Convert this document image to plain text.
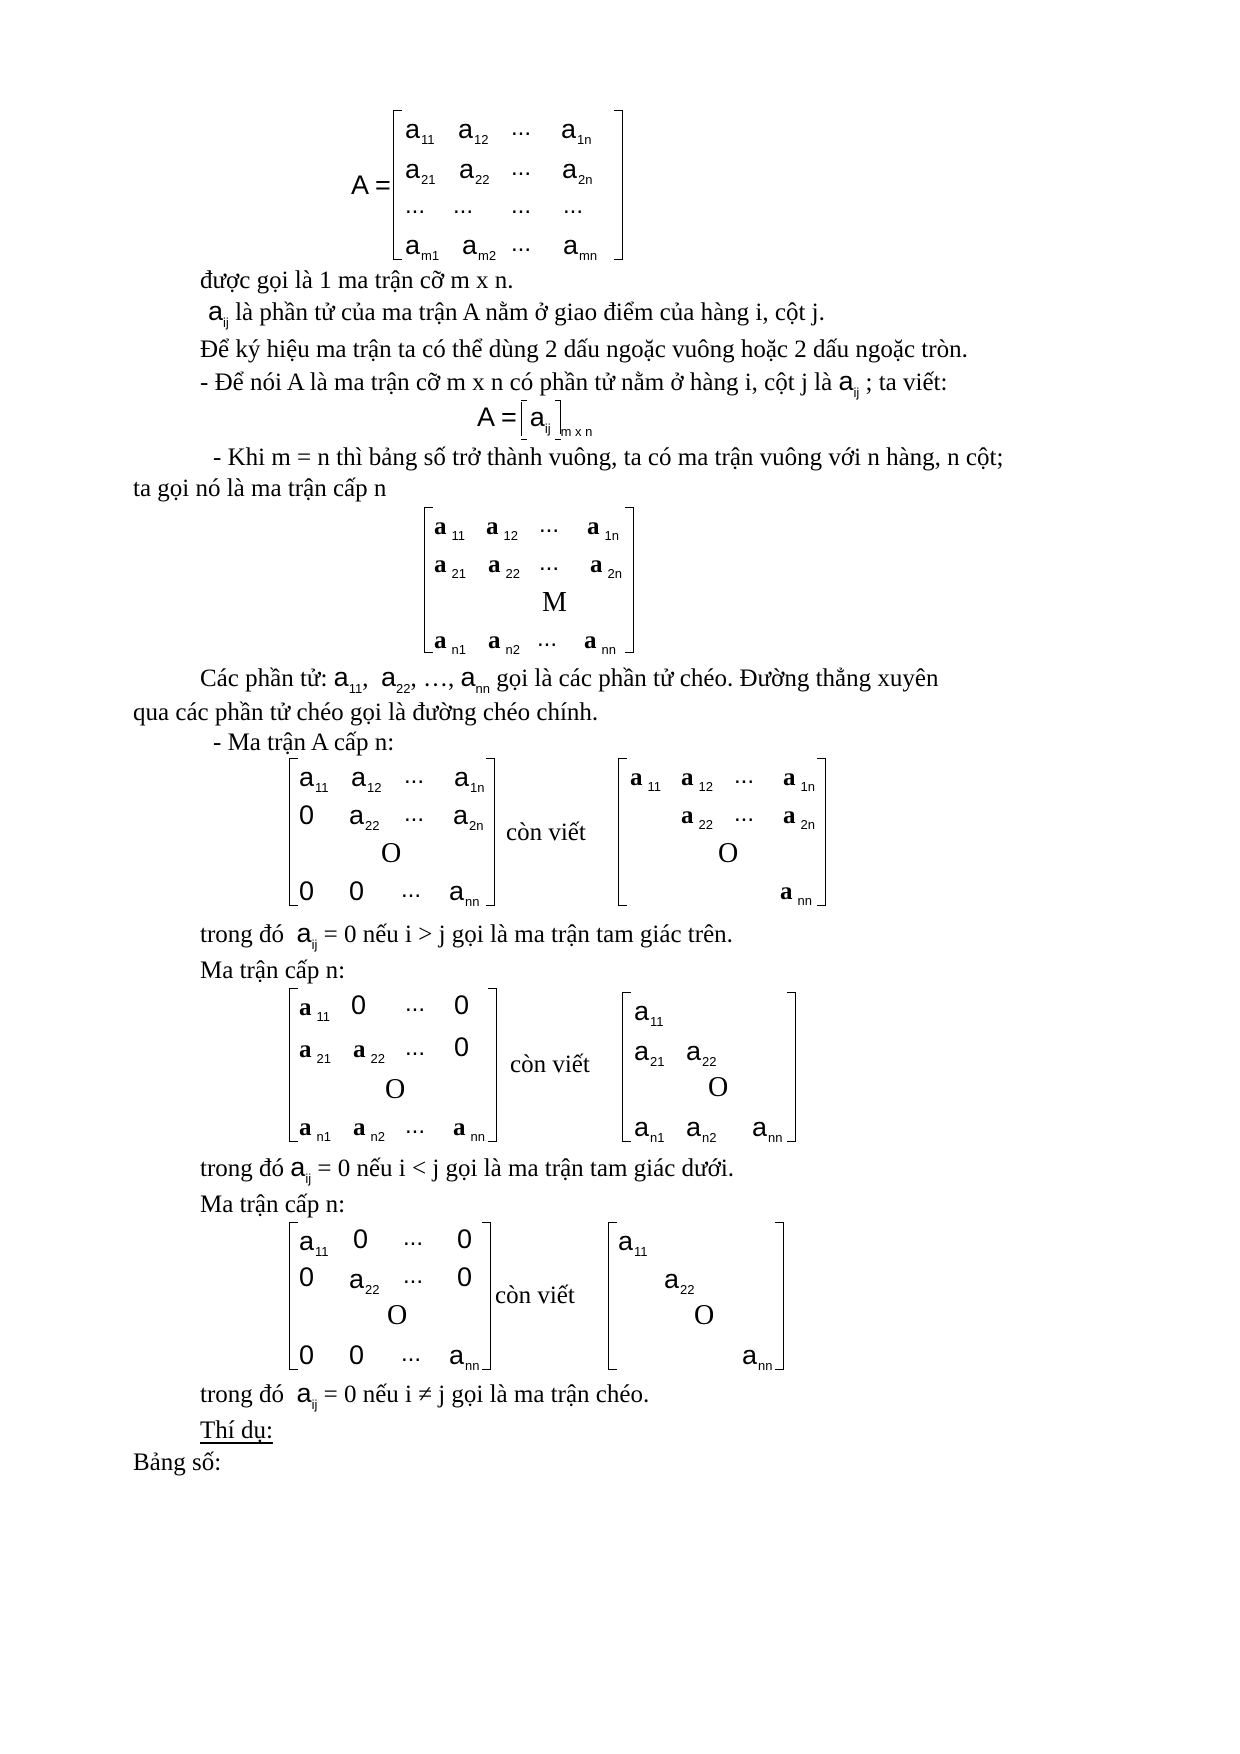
A =
$a_{11}$ $a_{12}$ ... $a_{1n}$
$a_{21}$ $a_{22}$ ... $a_{2n}$
... ... ... ...
$a_{m1}$ $a_{m2}$ ... $a_{mn}$
được gọi là 1 ma trận cỡ m x n.
$a_{ij}$ là phần tử của ma trận A nằm ở giao điểm của hàng i, cột j.
Để ký hiệu ma trận ta có thể dùng 2 dấu ngoặc vuông hoặc 2 dấu ngoặc tròn.
- Để nói A là ma trận cỡ m x n có phần tử nằm ở hàng i, cột j là $a_{ij}$ ; ta viết:
$A = a_{ij}$ $_{m x n}$
- Khi m = n thì bảng số trở thành vuông, ta có ma trận vuông với n hàng, n cột;
ta gọi nó là ma trận cấp n
a $_{11}$ a $_{12}$ ... a $_{1n}$
a $_{21}$ a $_{22}$ ... a $_{2n}$
M
a $_{n1}$ a $_{n2}$ ... a $_{nn}$
Các phần tử: $a_{11}$,  $a_{22}$, …, $a_{nn}$ gọi là các phần tử chéo. Đường thẳng xuyên
qua các phần tử chéo gọi là đường chéo chính.
- Ma trận A cấp n:
$a_{11}$ $a_{12}$ ... $a_{1n}$
0 $a_{22}$ ... $a_{2n}$
O
0 0 ... $a_{nn}$
còn viết
a $_{11}$ a $_{12}$ ... a $_{1n}$
a $_{22}$ ... a $_{2n}$
O
a $_{nn}$
trong đó  $a_{ij} = 0$ nếu i > j gọi là ma trận tam giác trên.
Ma trận cấp n:
a $_{11}$ 0 ... 0
a $_{21}$ a $_{22}$ ... 0
O
a $_{n1}$ a $_{n2}$ ... a $_{nn}$
còn viết
$a_{11}$
$a_{21}$ $a_{22}$
O
$a_{n1}$ $a_{n2}$ $a_{nn}$
trong đó $a_{ij} = 0$ nếu i < j gọi là ma trận tam giác dưới.
Ma trận cấp n:
$a_{11}$ 0 ... 0
0 $a_{22}$
... 0
O
0 0 ... $a_{nn}$
còn viết
$a_{11}$
$a_{22}$
O
$a_{nn}$
trong đó  $a_{ij} = 0$ nếu i ≠ j gọi là ma trận chéo.
Thí dụ:
Bảng số:
